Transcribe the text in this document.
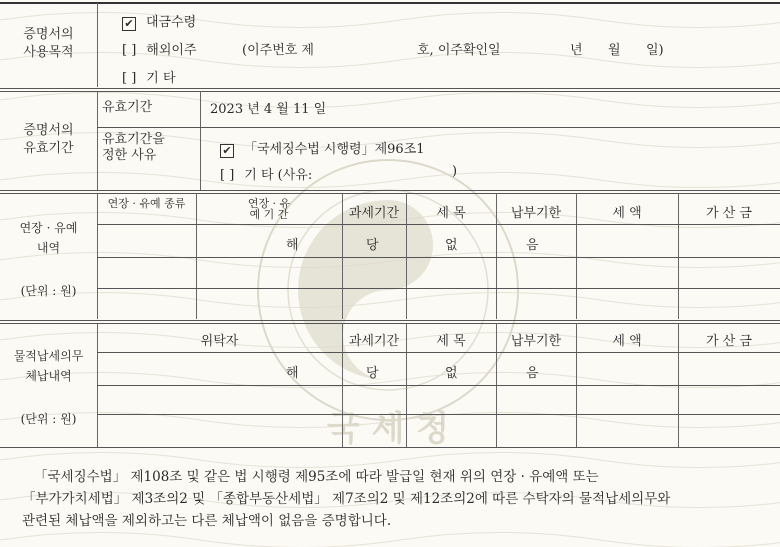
국 세 청
증명서의
사용목적
✔ 대금수령
[ ] 해외이주	(이주번호 제	호, 이주확인일	년 월 일)
[ ] 기 타
증명서의
유효기간
유효기간	2023 년 4 월 11 일
유효기간을
정한 사유	✔ 「국세징수법 시행령」제96조1
[ ] 기 타 (사유:	)
연장 · 유예
내역
(단위 : 원)
연장 · 유예 종류	연장 · 유예 기 간	과세기간	세 목	납부기한	세 액	가 산 금
해	당	없	음
물적납세의무
체납내역
(단위 : 원)
위탁자	과세기간	세 목	납부기한	세 액	가 산 금
해	당	없	음
「국세징수법」 제108조 및 같은 법 시행령 제95조에 따라 발급일 현재 위의 연장 · 유예액 또는
「부가가치세법」 제3조의2 및 「종합부동산세법」 제7조의2 및 제12조의2에 따른 수탁자의 물적납세의무와
관련된 체납액을 제외하고는 다른 체납액이 없음을 증명합니다.
